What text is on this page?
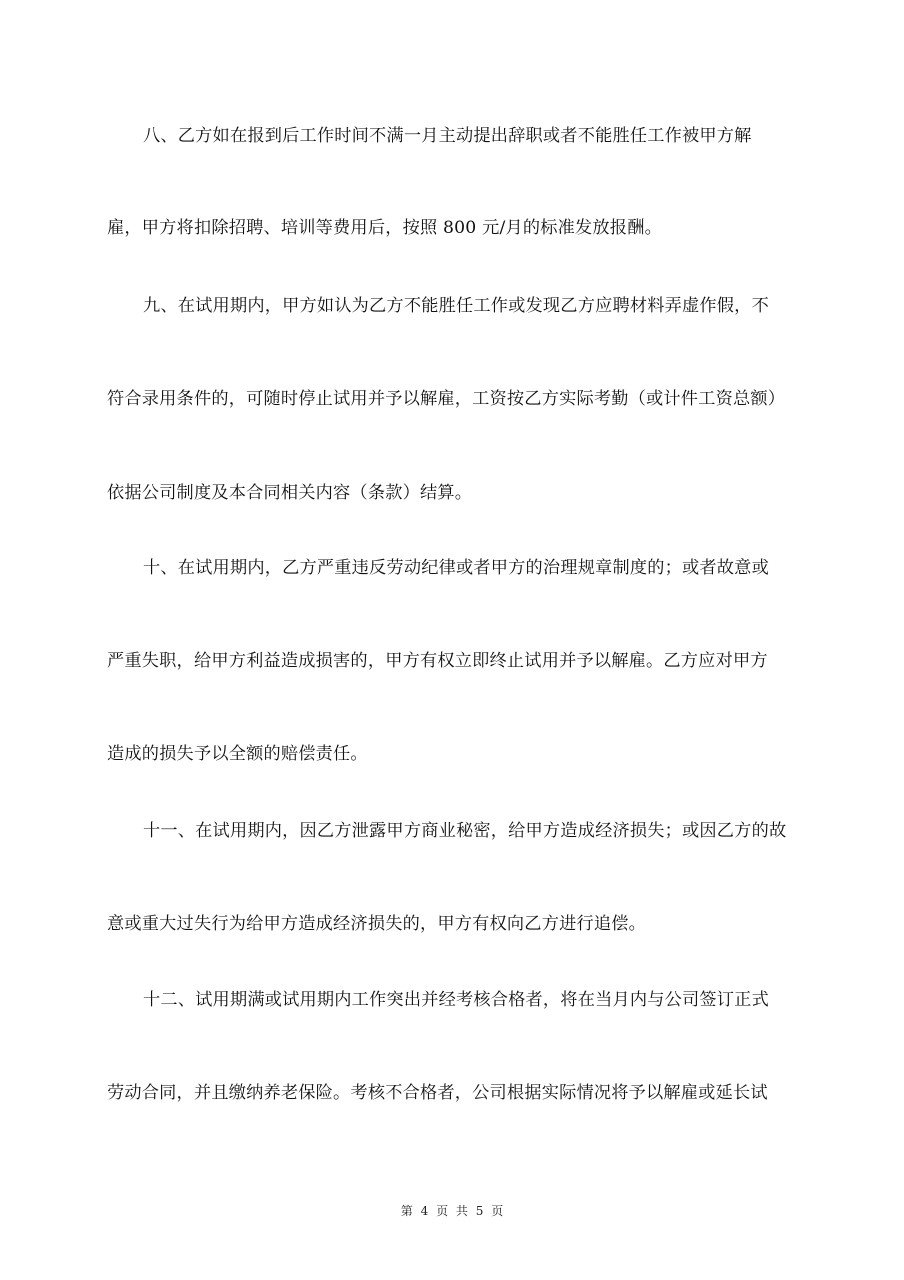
八、乙方如在报到后工作时间不满一月主动提出辞职或者不能胜任工作被甲方解
雇，甲方将扣除招聘、培训等费用后，按照 800 元/月的标准发放报酬。
九、在试用期内，甲方如认为乙方不能胜任工作或发现乙方应聘材料弄虚作假，不
符合录用条件的，可随时停止试用并予以解雇，工资按乙方实际考勤（或计件工资总额）
依据公司制度及本合同相关内容（条款）结算。
十、在试用期内，乙方严重违反劳动纪律或者甲方的治理规章制度的；或者故意或
严重失职，给甲方利益造成损害的，甲方有权立即终止试用并予以解雇。乙方应对甲方
造成的损失予以全额的赔偿责任。
十一、在试用期内，因乙方泄露甲方商业秘密，给甲方造成经济损失；或因乙方的故
意或重大过失行为给甲方造成经济损失的，甲方有权向乙方进行追偿。
十二、试用期满或试用期内工作突出并经考核合格者，将在当月内与公司签订正式
劳动合同，并且缴纳养老保险。考核不合格者，公司根据实际情况将予以解雇或延长试
第 4 页 共 5 页
